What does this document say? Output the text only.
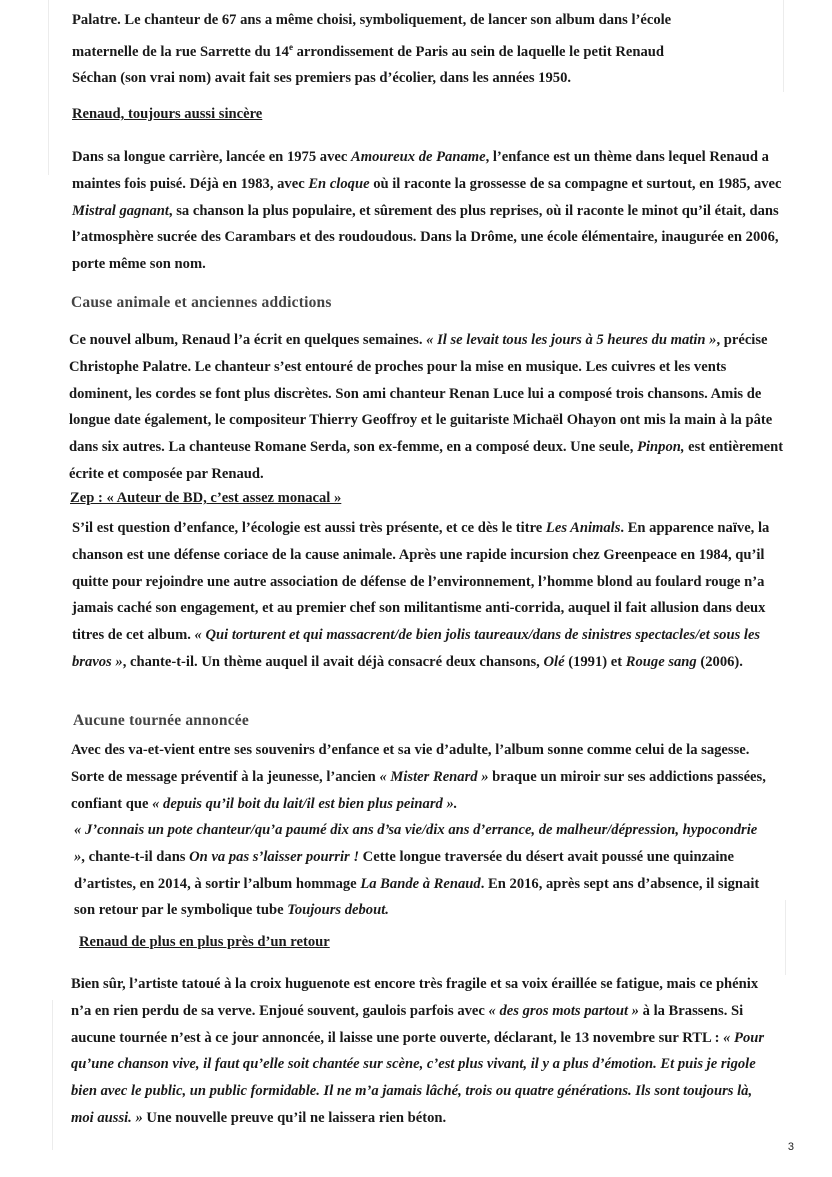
Palatre. Le chanteur de 67 ans a même choisi, symboliquement, de lancer son album dans l’école
maternelle de la rue Sarrette du 14e arrondissement de Paris au sein de laquelle le petit Renaud
Séchan (son vrai nom) avait fait ses premiers pas d’écolier, dans les années 1950.
Renaud, toujours aussi sincère

Dans sa longue carrière, lancée en 1975 avec Amoureux de Paname, l’enfance est un thème dans lequel Renaud a maintes fois puisé. Déjà en 1983, avec En cloque où il raconte la grossesse de sa compagne et surtout, en 1985, avec Mistral gagnant, sa chanson la plus populaire, et sûrement des plus reprises, où il raconte le minot qu’il était, dans l’atmosphère sucrée des Carambars et des roudoudous. Dans la Drôme, une école élémentaire, inaugurée en 2006, porte même son nom.

Cause animale et anciennes addictions

Ce nouvel album, Renaud l’a écrit en quelques semaines. « Il se levait tous les jours à 5 heures du matin », précise Christophe Palatre. Le chanteur s’est entouré de proches pour la mise en musique. Les cuivres et les vents dominent, les cordes se font plus discrètes. Son ami chanteur Renan Luce lui a composé trois chansons. Amis de longue date également, le compositeur Thierry Geoffroy et le guitariste Michaël Ohayon ont mis la main à la pâte dans six autres. La chanteuse Romane Serda, son ex-femme, en a composé deux. Une seule, Pinpon, est entièrement écrite et composée par Renaud.

Zep : « Auteur de BD, c’est assez monacal »

S’il est question d’enfance, l’écologie est aussi très présente, et ce dès le titre Les Animals. En apparence naïve, la chanson est une défense coriace de la cause animale. Après une rapide incursion chez Greenpeace en 1984, qu’il quitte pour rejoindre une autre association de défense de l’environnement, l’homme blond au foulard rouge n’a jamais caché son engagement, et au premier chef son militantisme anti-corrida, auquel il fait allusion dans deux titres de cet album. « Qui torturent et qui massacrent/de bien jolis taureaux/dans de sinistres spectacles/et sous les bravos », chante-t-il. Un thème auquel il avait déjà consacré deux chansons, Olé (1991) et Rouge sang (2006).

Aucune tournée annoncée

Avec des va-et-vient entre ses souvenirs d’enfance et sa vie d’adulte, l’album sonne comme celui de la sagesse. Sorte de message préventif à la jeunesse, l’ancien « Mister Renard » braque un miroir sur ses addictions passées, confiant que « depuis qu’il boit du lait/il est bien plus peinard ».

« J’connais un pote chanteur/qu’a paumé dix ans d’sa vie/dix ans d’errance, de malheur/dépression, hypocondrie », chante-t-il dans On va pas s’laisser pourrir ! Cette longue traversée du désert avait poussé une quinzaine d’artistes, en 2014, à sortir l’album hommage La Bande à Renaud. En 2016, après sept ans d’absence, il signait son retour par le symbolique tube Toujours debout.

Renaud de plus en plus près d’un retour

Bien sûr, l’artiste tatoué à la croix huguenote est encore très fragile et sa voix éraillée se fatigue, mais ce phénix n’a en rien perdu de sa verve. Enjoué souvent, gaulois parfois avec « des gros mots partout » à la Brassens. Si aucune tournée n’est à ce jour annoncée, il laisse une porte ouverte, déclarant, le 13 novembre sur RTL : « Pour qu’une chanson vive, il faut qu’elle soit chantée sur scène, c’est plus vivant, il y a plus d’émotion. Et puis je rigole bien avec le public, un public formidable. Il ne m’a jamais lâché, trois ou quatre générations. Ils sont toujours là, moi aussi. » Une nouvelle preuve qu’il ne laissera rien béton.

3
